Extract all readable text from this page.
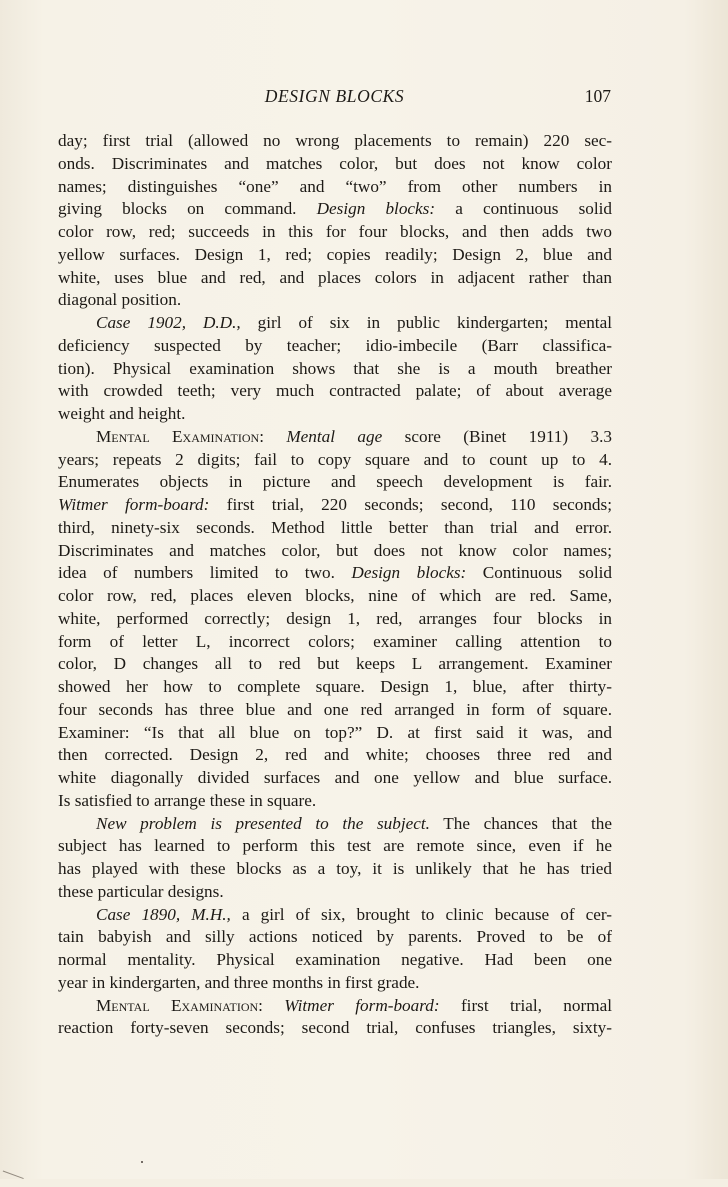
DESIGN BLOCKS	107
day; first trial (allowed no wrong placements to remain) 220 sec-
onds. Discriminates and matches color, but does not know color
names; distinguishes “one” and “two” from other numbers in
giving blocks on command. Design blocks: a continuous solid
color row, red; succeeds in this for four blocks, and then adds two
yellow surfaces. Design 1, red; copies readily; Design 2, blue and
white, uses blue and red, and places colors in adjacent rather than
diagonal position.
Case 1902, D.D., girl of six in public kindergarten; mental
deficiency suspected by teacher; idio-imbecile (Barr classifica-
tion). Physical examination shows that she is a mouth breather
with crowded teeth; very much contracted palate; of about average
weight and height.
Mental Examination: Mental age score (Binet 1911) 3.3
years; repeats 2 digits; fail to copy square and to count up to 4.
Enumerates objects in picture and speech development is fair.
Witmer form-board: first trial, 220 seconds; second, 110 seconds;
third, ninety-six seconds. Method little better than trial and error.
Discriminates and matches color, but does not know color names;
idea of numbers limited to two. Design blocks: Continuous solid
color row, red, places eleven blocks, nine of which are red. Same,
white, performed correctly; design 1, red, arranges four blocks in
form of letter L, incorrect colors; examiner calling attention to
color, D changes all to red but keeps L arrangement. Examiner
showed her how to complete square. Design 1, blue, after thirty-
four seconds has three blue and one red arranged in form of square.
Examiner: “Is that all blue on top?” D. at first said it was, and
then corrected. Design 2, red and white; chooses three red and
white diagonally divided surfaces and one yellow and blue surface.
Is satisfied to arrange these in square.
New problem is presented to the subject. The chances that the
subject has learned to perform this test are remote since, even if he
has played with these blocks as a toy, it is unlikely that he has tried
these particular designs.
Case 1890, M.H., a girl of six, brought to clinic because of cer-
tain babyish and silly actions noticed by parents. Proved to be of
normal mentality. Physical examination negative. Had been one
year in kindergarten, and three months in first grade.
Mental Examination: Witmer form-board: first trial, normal
reaction forty-seven seconds; second trial, confuses triangles, sixty-
